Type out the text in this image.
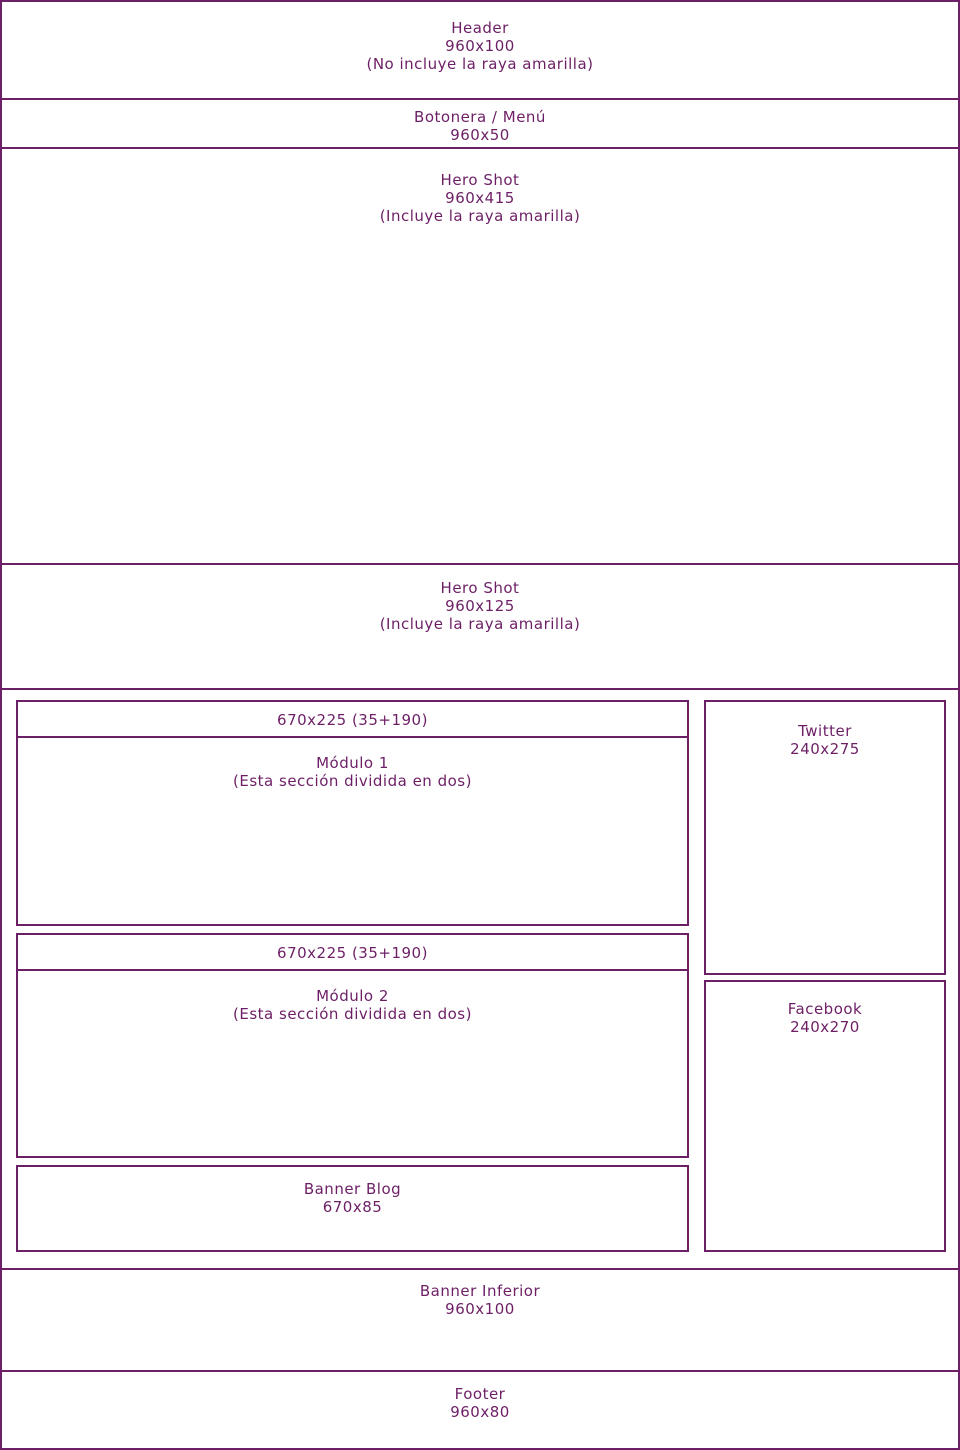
Header
960x100
(No incluye la raya amarilla)
Botonera / Menú
960x50
Hero Shot
960x415
(Incluye la raya amarilla)
Hero Shot
960x125
(Incluye la raya amarilla)
670x225 (35+190)
Módulo 1
(Esta sección dividida en dos)
670x225 (35+190)
Módulo 2
(Esta sección dividida en dos)
Banner Blog
670x85
Twitter
240x275
Facebook
240x270
Banner Inferior
960x100
Footer
960x80
